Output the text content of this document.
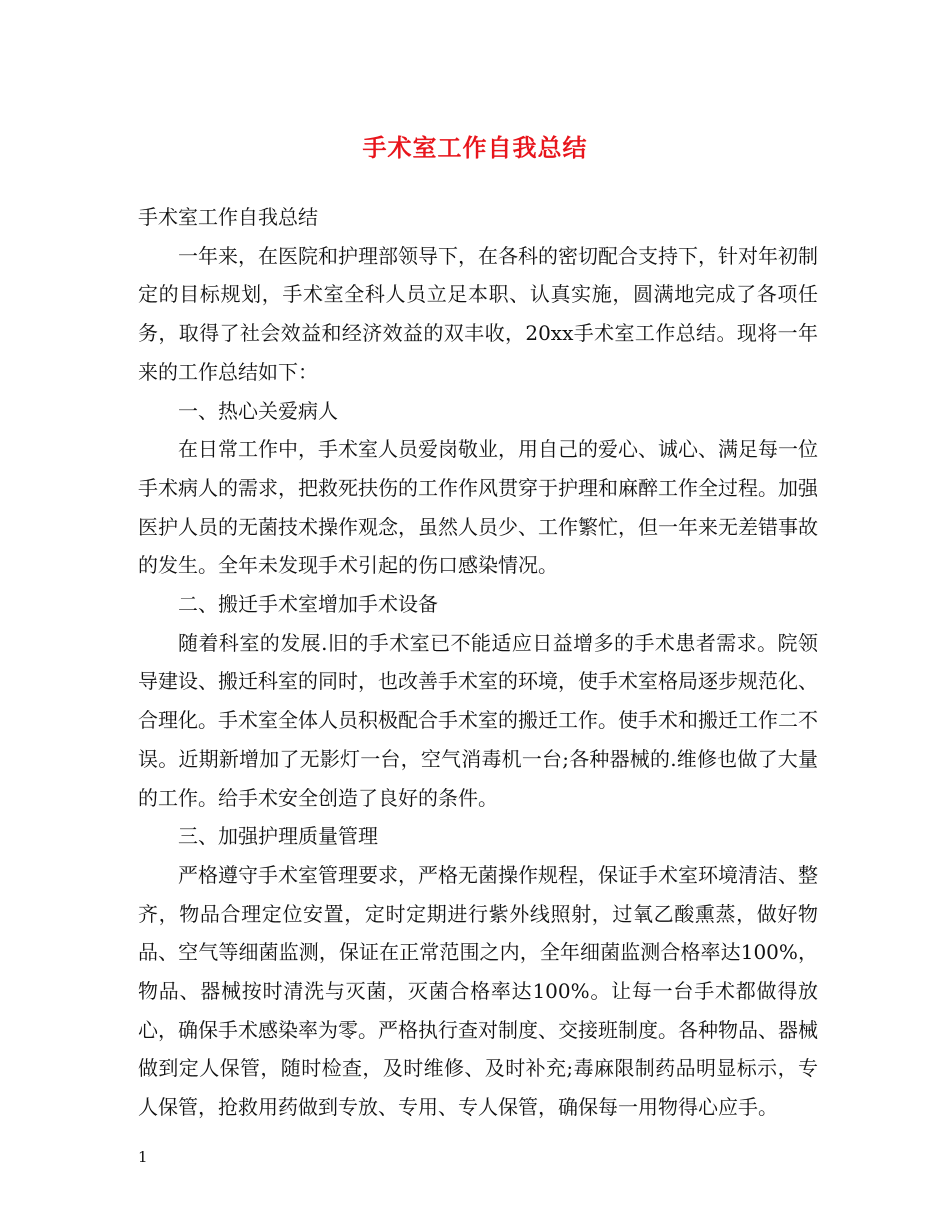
手术室工作自我总结

手术室工作自我总结

一年来，在医院和护理部领导下，在各科的密切配合支持下，针对年初制定的目标规划，手术室全科人员立足本职、认真实施，圆满地完成了各项任务，取得了社会效益和经济效益的双丰收，20xx手术室工作总结。现将一年来的工作总结如下：

一、热心关爱病人

在日常工作中，手术室人员爱岗敬业，用自己的爱心、诚心、满足每一位手术病人的需求，把救死扶伤的工作作风贯穿于护理和麻醉工作全过程。加强医护人员的无菌技术操作观念，虽然人员少、工作繁忙，但一年来无差错事故的发生。全年未发现手术引起的伤口感染情况。

二、搬迁手术室增加手术设备

随着科室的发展.旧的手术室已不能适应日益增多的手术患者需求。院领导建设、搬迁科室的同时，也改善手术室的环境，使手术室格局逐步规范化、合理化。手术室全体人员积极配合手术室的搬迁工作。使手术和搬迁工作二不误。近期新增加了无影灯一台，空气消毒机一台;各种器械的.维修也做了大量的工作。给手术安全创造了良好的条件。

三、加强护理质量管理

严格遵守手术室管理要求，严格无菌操作规程，保证手术室环境清洁、整齐，物品合理定位安置，定时定期进行紫外线照射，过氧乙酸熏蒸，做好物品、空气等细菌监测，保证在正常范围之内，全年细菌监测合格率达100%，物品、器械按时清洗与灭菌，灭菌合格率达100%。让每一台手术都做得放心，确保手术感染率为零。严格执行查对制度、交接班制度。各种物品、器械做到定人保管，随时检查，及时维修、及时补充;毒麻限制药品明显标示，专人保管，抢救用药做到专放、专用、专人保管，确保每一用物得心应手。

1
